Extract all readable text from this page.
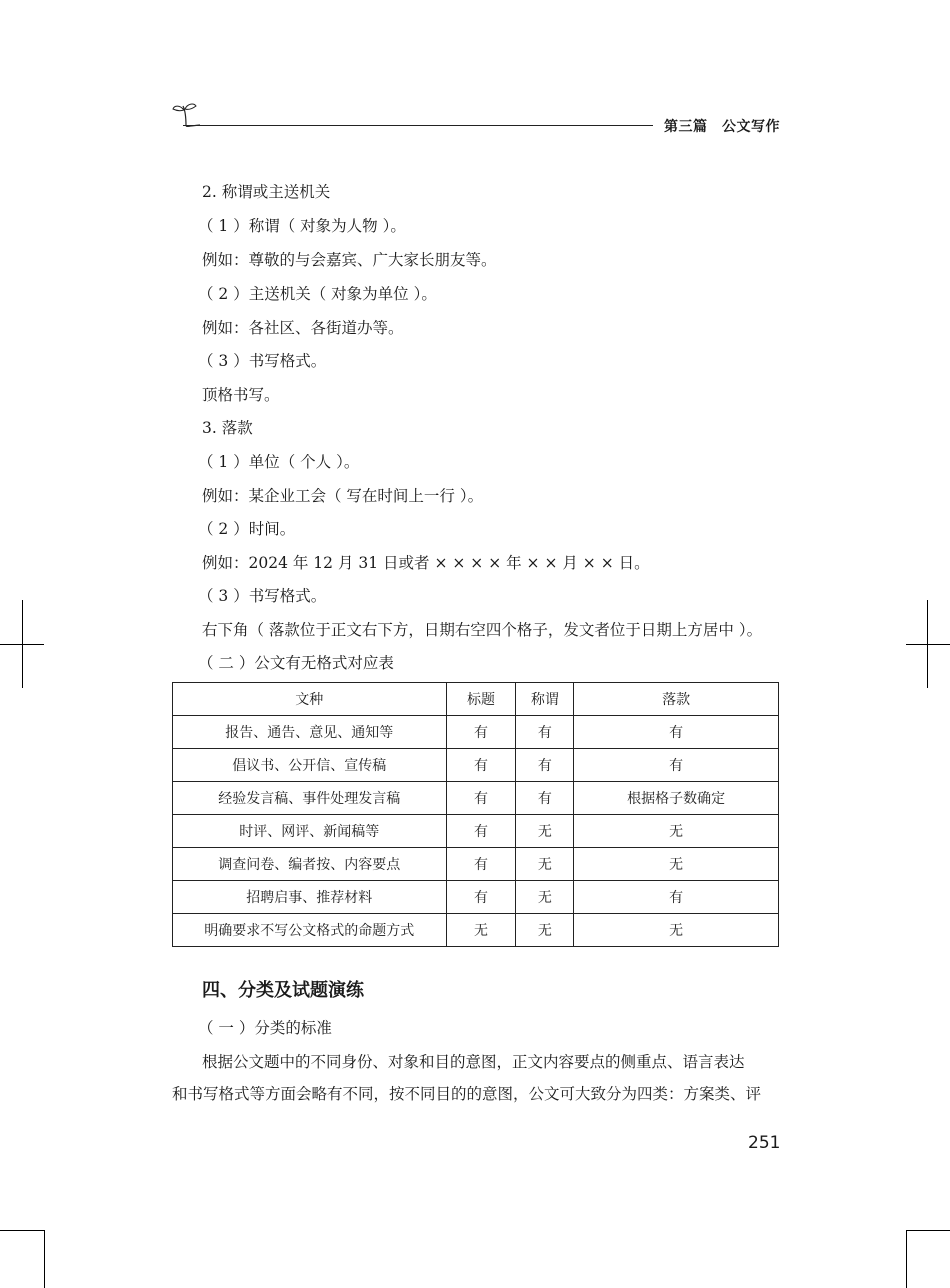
第三篇　公文写作
2. 称谓或主送机关
（ 1 ）称谓（ 对象为人物 ）。
例如：尊敬的与会嘉宾、广大家长朋友等。
（ 2 ）主送机关（ 对象为单位 ）。
例如：各社区、各街道办等。
（ 3 ）书写格式。
顶格书写。
3. 落款
（ 1 ）单位（ 个人 ）。
例如：某企业工会（ 写在时间上一行 ）。
（ 2 ）时间。
例如：2024 年 12 月 31 日或者 × × × × 年 × × 月 × × 日。
（ 3 ）书写格式。
右下角（ 落款位于正文右下方，日期右空四个格子，发文者位于日期上方居中 ）。
（ 二 ）公文有无格式对应表
文种	标题	称谓	落款
报告、通告、意见、通知等	有	有	有
倡议书、公开信、宣传稿	有	有	有
经验发言稿、事件处理发言稿	有	有	根据格子数确定
时评、网评、新闻稿等	有	无	无
调查问卷、编者按、内容要点	有	无	无
招聘启事、推荐材料	有	无	有
明确要求不写公文格式的命题方式	无	无	无
四、分类及试题演练
（ 一 ）分类的标准
根据公文题中的不同身份、对象和目的意图，正文内容要点的侧重点、语言表达
和书写格式等方面会略有不同，按不同目的的意图，公文可大致分为四类：方案类、评
251
